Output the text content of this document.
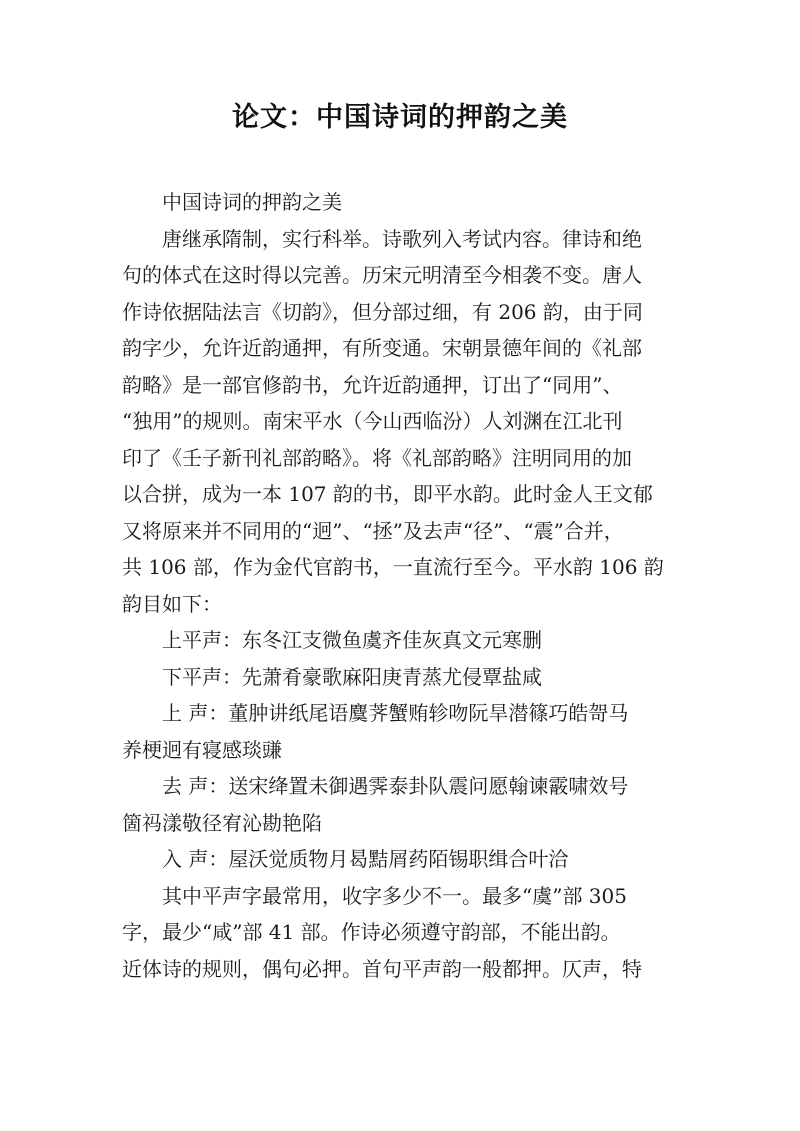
论文：中国诗词的押韵之美
中国诗词的押韵之美
唐继承隋制，实行科举。诗歌列入考试内容。律诗和绝
句的体式在这时得以完善。历宋元明清至今相袭不变。唐人
作诗依据陆法言《切韵》，但分部过细，有 206 韵，由于同
韵字少，允许近韵通押，有所变通。宋朝景德年间的《礼部
韵略》是一部官修韵书，允许近韵通押，订出了“同用”、
“独用”的规则。南宋平水（今山西临汾）人刘渊在江北刊
印了《壬子新刊礼部韵略》。将《礼部韵略》注明同用的加
以合拼，成为一本 107 韵的书，即平水韵。此时金人王文郁
又将原来并不同用的“迥”、“拯”及去声“径”、“震”合并，
共 106 部，作为金代官韵书，一直流行至今。平水韵 106 韵
韵目如下：
上平声：东冬江支微鱼虞齐佳灰真文元寒删
下平声：先萧肴豪歌麻阳庚青蒸尤侵覃盐咸
上 声：董肿讲纸尾语麌荠蟹贿轸吻阮旱潜篠巧皓哿马
养梗迥有寝感琰豏
去 声：送宋绛置未御遇霁泰卦队震问愿翰谏霰啸效号
箇祃漾敬径宥沁勘艳陷
入 声：屋沃觉质物月曷黠屑药陌锡职缉合叶洽
其中平声字最常用，收字多少不一。最多“虞”部 305
字，最少“咸”部 41 部。作诗必须遵守韵部，不能出韵。
近体诗的规则，偶句必押。首句平声韵一般都押。仄声，特
